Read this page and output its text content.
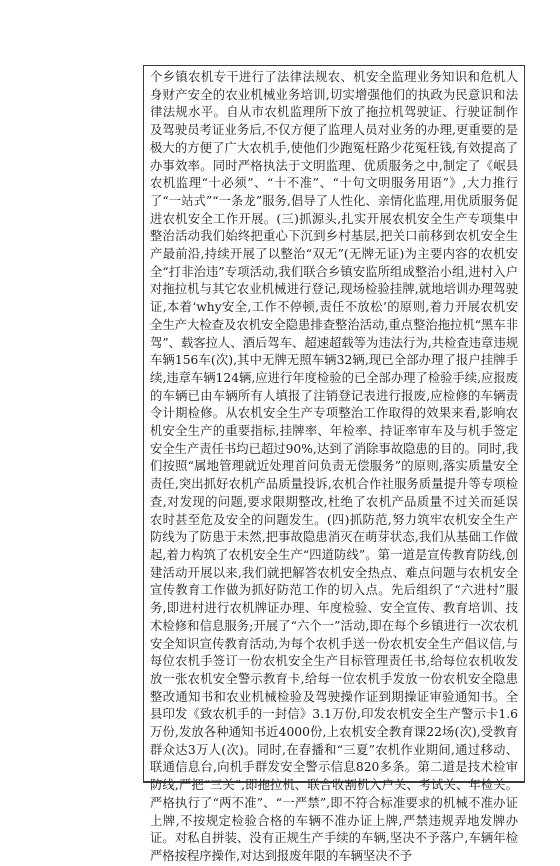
个乡镇农机专干进行了法律法规农、机安全监理业务知识和危机人身财产安全的农业机械业务培训,切实增强他们的执政为民意识和法律法规水平。自从市农机监理所下放了拖拉机驾驶证、行驶证制作及驾驶员考证业务后,不仅方便了监理人员对业务的办理,更重要的是极大的方便了广大农机手,使他们少跑冤枉路少花冤枉钱,有效提高了办事效率。同时严格执法于文明监理、优质服务之中,制定了《岷县农机监理“十必须”、“十不准”、“十句文明服务用语”》,大力推行了“一站式”“一条龙”服务,倡导了人性化、亲情化监理,用优质服务促进农机安全工作开展。(三)抓源头,扎实开展农机安全生产专项集中整治活动我们始终把重心下沉到乡村基层,把关口前移到农机安全生产最前沿,持续开展了以整治“双无”(无牌无证)为主要内容的农机安全“打非治违”专项活动,我们联合乡镇安监所组成整治小组,进村入户对拖拉机与其它农业机械进行登记,现场检验挂牌,就地培训办理驾驶证,本着‘why安全,工作不停顿,责任不放松’的原则,着力开展农机安全生产大检查及农机安全隐患排查整治活动,重点整治拖拉机“黑车非驾”、载客拉人、酒后驾车、超速超载等为违法行为,共检查违章违规车辆156车(次),其中无牌无照车辆32辆,现已全部办理了报户挂牌手续,违章车辆124辆,应进行年度检验的已全部办理了检验手续,应报废的车辆已由车辆所有人填报了注销登记表进行报废,应检修的车辆责令计期检修。从农机安全生产专项整治工作取得的效果来看,影响农机安全生产的重要指标,挂牌率、年检率、持证率审车及与机手签定安全生产责任书均已超过90%,达到了消除事故隐患的目的。同时,我们按照“属地管理就近处理首问负责无偿服务”的原则,落实质量安全责任,突出抓好农机产品质量投诉,农机合作社服务质量提升等专项检查,对发现的问题,要求限期整改,杜绝了农机产品质量不过关而延误农时甚至危及安全的问题发生。(四)抓防范,努力筑牢农机安全生产防线为了防患于未然,把事故隐患消灭在萌芽状态,我们从基础工作做起,着力构筑了农机安全生产“四道防线”。第一道是宣传教育防线,创建活动开展以来,我们就把解答农机安全热点、难点问题与农机安全宣传教育工作做为抓好防范工作的切入点。先后组织了“六进村”服务,即进村进行农机牌证办理、年度检验、安全宣传、教育培训、技术检修和信息服务;开展了“六个一”活动,即在每个乡镇进行一次农机安全知识宣传教育活动,为每个农机手送一份农机安全生产倡议信,与每位农机手签订一份农机安全生产目标管理责任书,给每位农机收发放一张农机安全警示教育卡,给每一位农机手发放一份农机安全隐患整改通知书和农业机械检验及驾驶操作证到期操证审验通知书。全县印发《致农机手的一封信》3.1万份,印发农机安全生产警示卡1.6万份,发放各种通知书近4000份,上农机安全教育课22场(次),受教育群众达3万人(次)。同时,在春播和“三夏”农机作业期间,通过移动、联通信息台,向机手群发安全警示信息820多条。第二道是技术检审防线,严把“三关”,即拖拉机、联合收割机入户关、考试关、年检关。严格执行了“两不准”、“一严禁”,即不符合标准要求的机械不准办证上牌,不按规定检验合格的车辆不准办证上牌,严禁违规弄地发牌办证。对私自拼装、没有正规生产手续的车辆,坚决不予落户,车辆年检严格按程序操作,对达到报废年限的车辆坚决不予
